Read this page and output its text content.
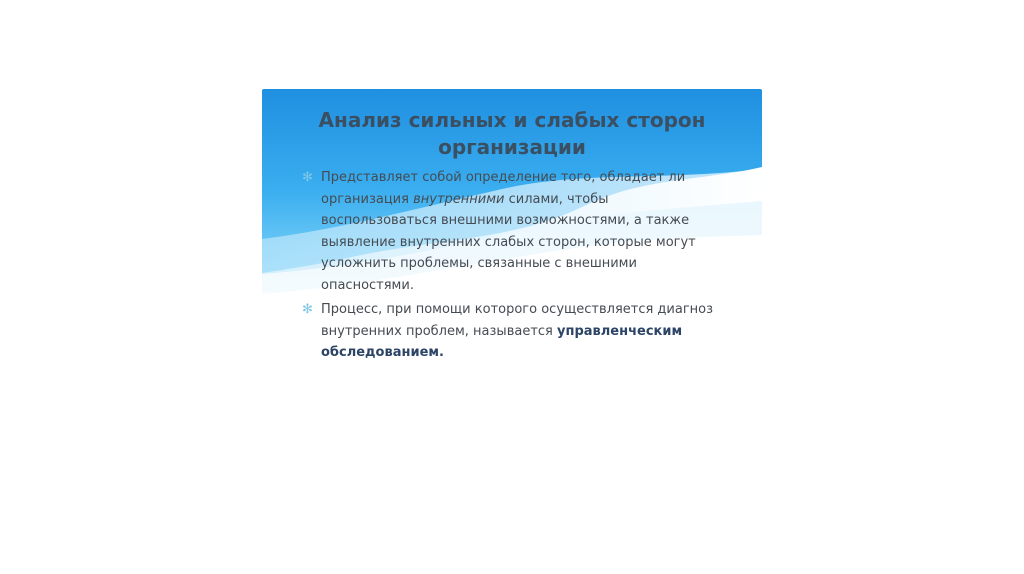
Анализ сильных и слабых сторон
организации
✻ Представляет собой определение того, обладает ли организация внутренними силами, чтобы воспользоваться внешними возможностями, а также выявление внутренних слабых сторон, которые могут усложнить проблемы, связанные с внешними опасностями.
✻ Процесс, при помощи которого осуществляется диагноз внутренних проблем, называется управленческим обследованием.
